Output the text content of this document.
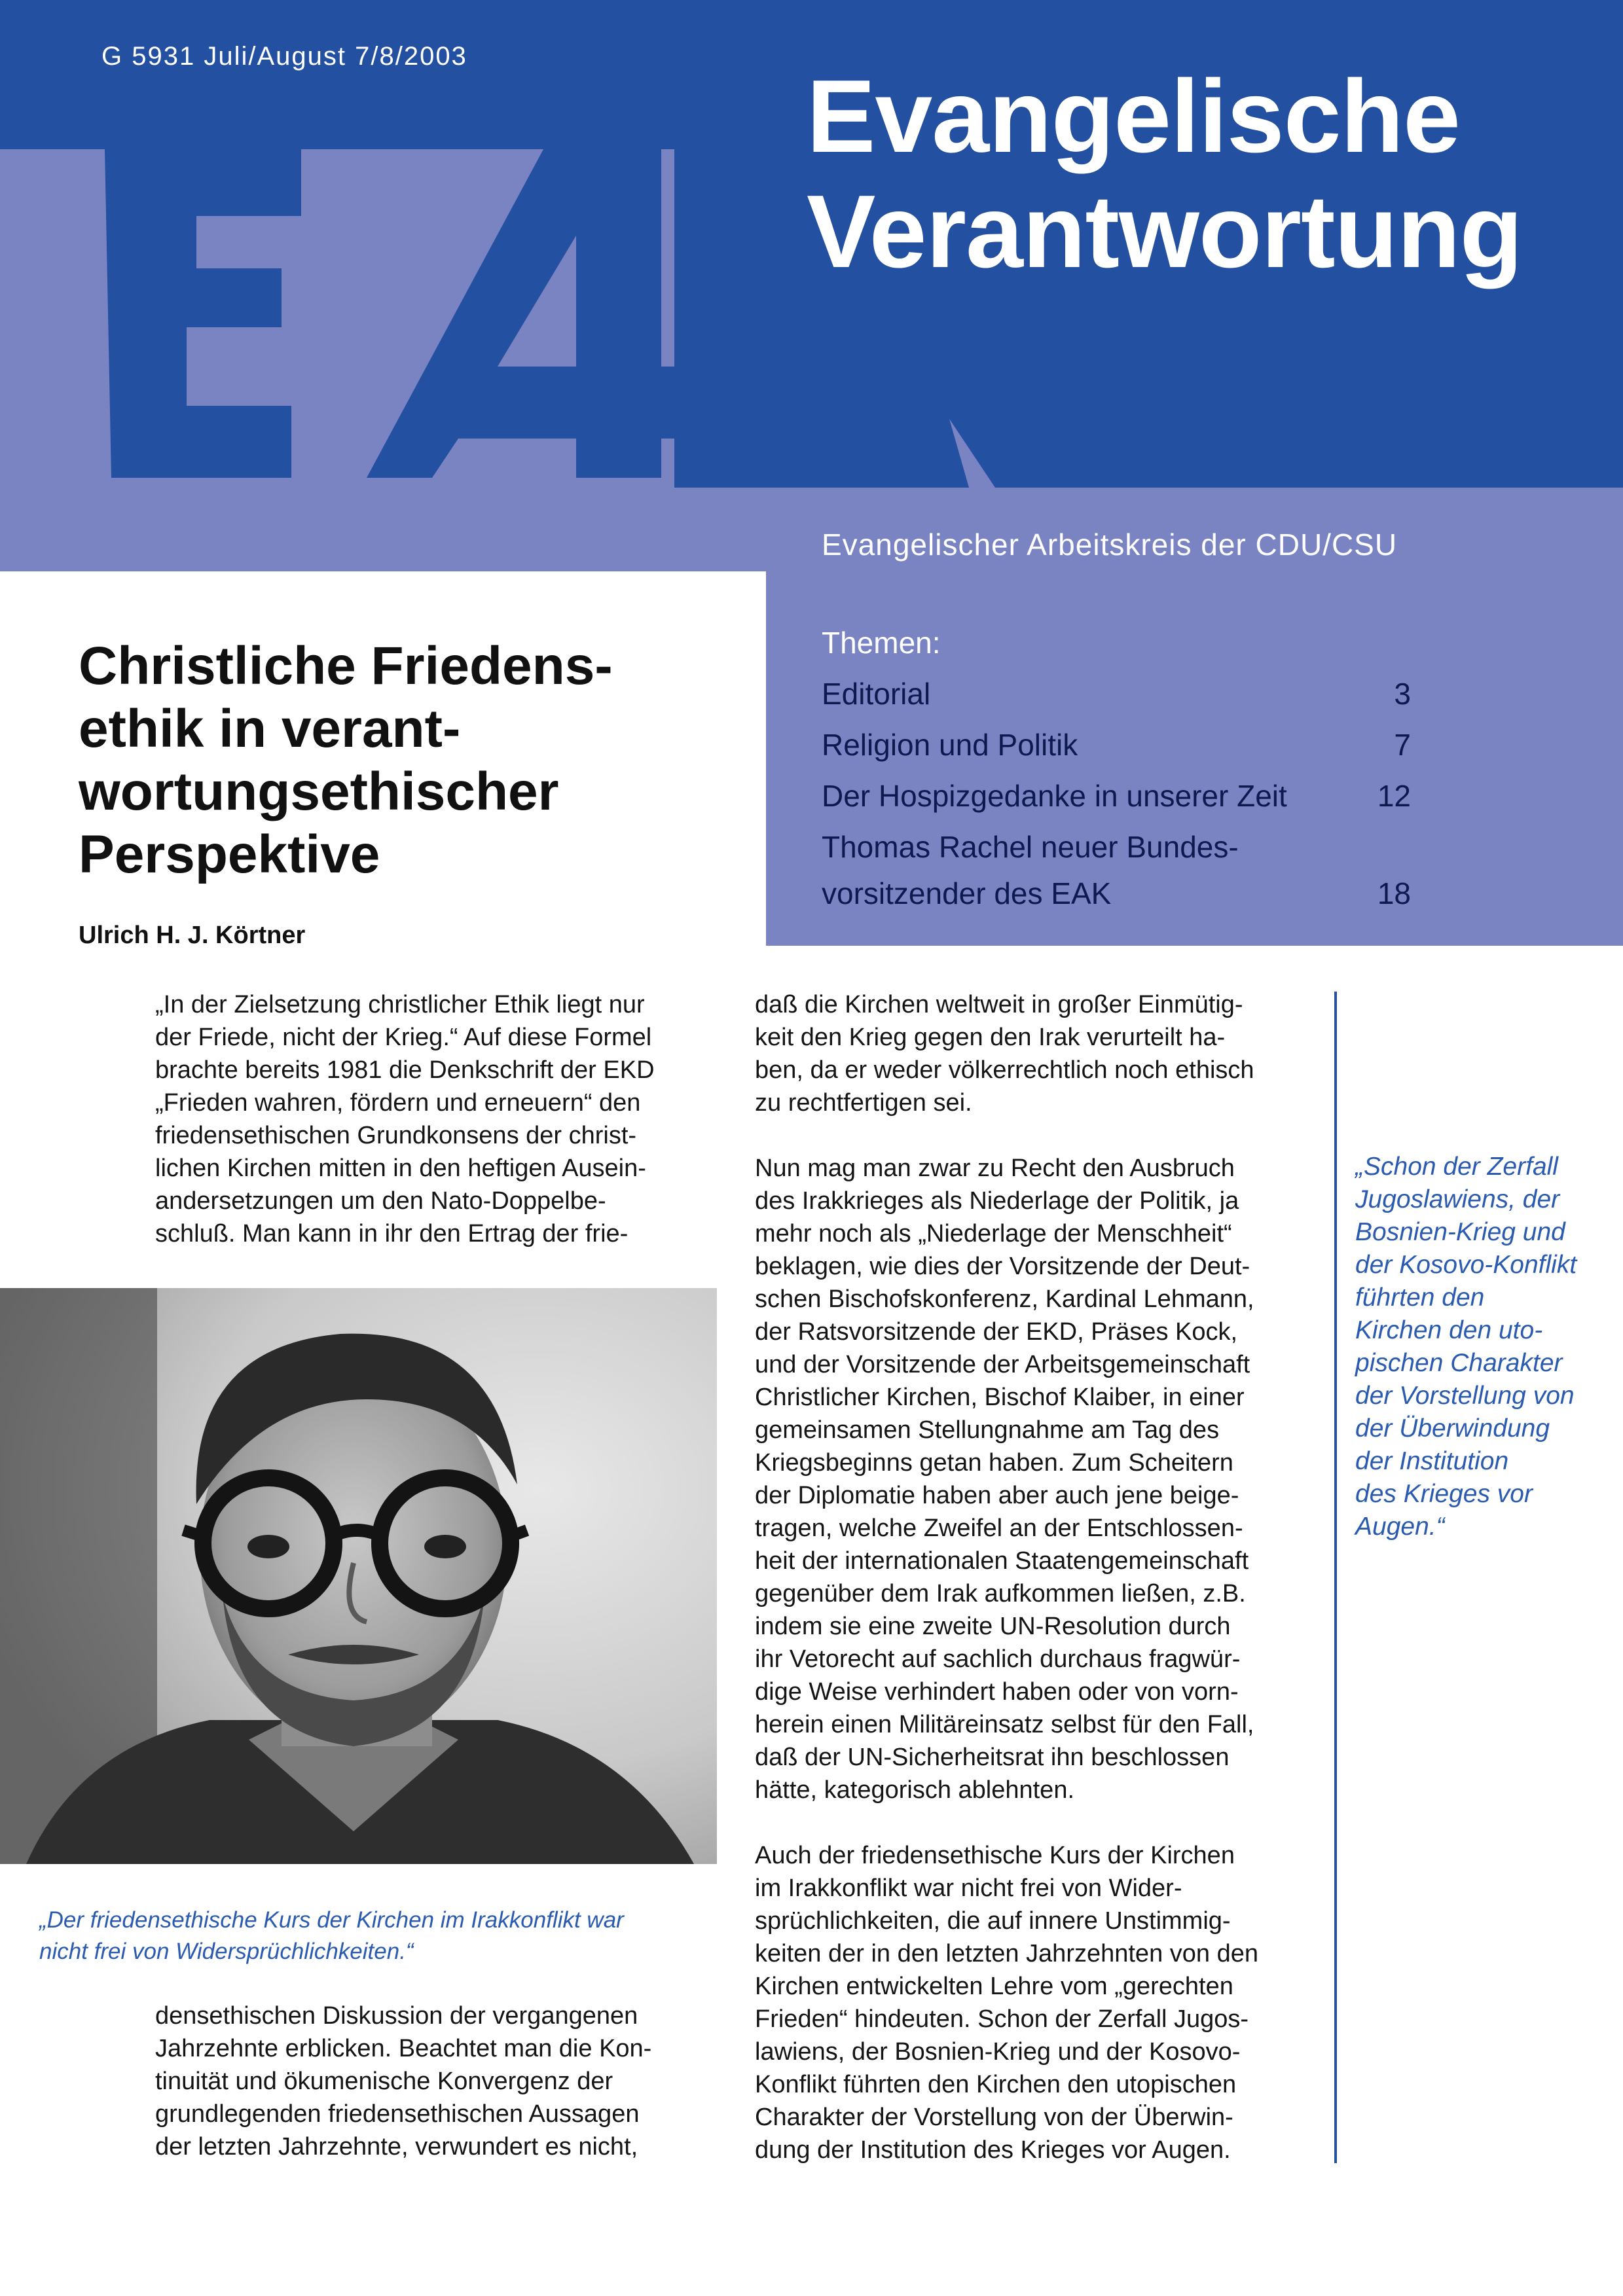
G 5931 Juli/August 7/8/2003
Evangelische
Verantwortung
Evangelischer Arbeitskreis der CDU/CSU
Themen:
Editorial	3
Religion und Politik	7
Der Hospizgedanke in unserer Zeit	12
Thomas Rachel neuer Bundes-
vorsitzender des EAK	18
Christliche Friedens-
ethik in verant-
wortungsethischer
Perspektive
Ulrich H. J. Körtner
„In der Zielsetzung christlicher Ethik liegt nur
der Friede, nicht der Krieg.“ Auf diese Formel
brachte bereits 1981 die Denkschrift der EKD
„Frieden wahren, fördern und erneuern“ den
friedensethischen Grundkonsens der christ-
lichen Kirchen mitten in den heftigen Ausein-
andersetzungen um den Nato-Doppelbe-
schluß. Man kann in ihr den Ertrag der frie-
„Der friedensethische Kurs der Kirchen im Irakkonflikt war
nicht frei von Widersprüchlichkeiten.“
densethischen Diskussion der vergangenen
Jahrzehnte erblicken. Beachtet man die Kon-
tinuität und ökumenische Konvergenz der
grundlegenden friedensethischen Aussagen
der letzten Jahrzehnte, verwundert es nicht,

daß die Kirchen weltweit in großer Einmütig-
keit den Krieg gegen den Irak verurteilt ha-
ben, da er weder völkerrechtlich noch ethisch
zu rechtfertigen sei.

Nun mag man zwar zu Recht den Ausbruch
des Irakkrieges als Niederlage der Politik, ja
mehr noch als „Niederlage der Menschheit“
beklagen, wie dies der Vorsitzende der Deut-
schen Bischofskonferenz, Kardinal Lehmann,
der Ratsvorsitzende der EKD, Präses Kock,
und der Vorsitzende der Arbeitsgemeinschaft
Christlicher Kirchen, Bischof Klaiber, in einer
gemeinsamen Stellungnahme am Tag des
Kriegsbeginns getan haben. Zum Scheitern
der Diplomatie haben aber auch jene beige-
tragen, welche Zweifel an der Entschlossen-
heit der internationalen Staatengemeinschaft
gegenüber dem Irak aufkommen ließen, z.B.
indem sie eine zweite UN-Resolution durch
ihr Vetorecht auf sachlich durchaus fragwür-
dige Weise verhindert haben oder von vorn-
herein einen Militäreinsatz selbst für den Fall,
daß der UN-Sicherheitsrat ihn beschlossen
hätte, kategorisch ablehnten.

Auch der friedensethische Kurs der Kirchen
im Irakkonflikt war nicht frei von Wider-
sprüchlichkeiten, die auf innere Unstimmig-
keiten der in den letzten Jahrzehnten von den
Kirchen entwickelten Lehre vom „gerechten
Frieden“ hindeuten. Schon der Zerfall Jugos-
lawiens, der Bosnien-Krieg und der Kosovo-
Konflikt führten den Kirchen den utopischen
Charakter der Vorstellung von der Überwin-
dung der Institution des Krieges vor Augen.

„Schon der Zerfall
Jugoslawiens, der
Bosnien-Krieg und
der Kosovo-Konflikt
führten den
Kirchen den uto-
pischen Charakter
der Vorstellung von
der Überwindung
der Institution
des Krieges vor
Augen.“
